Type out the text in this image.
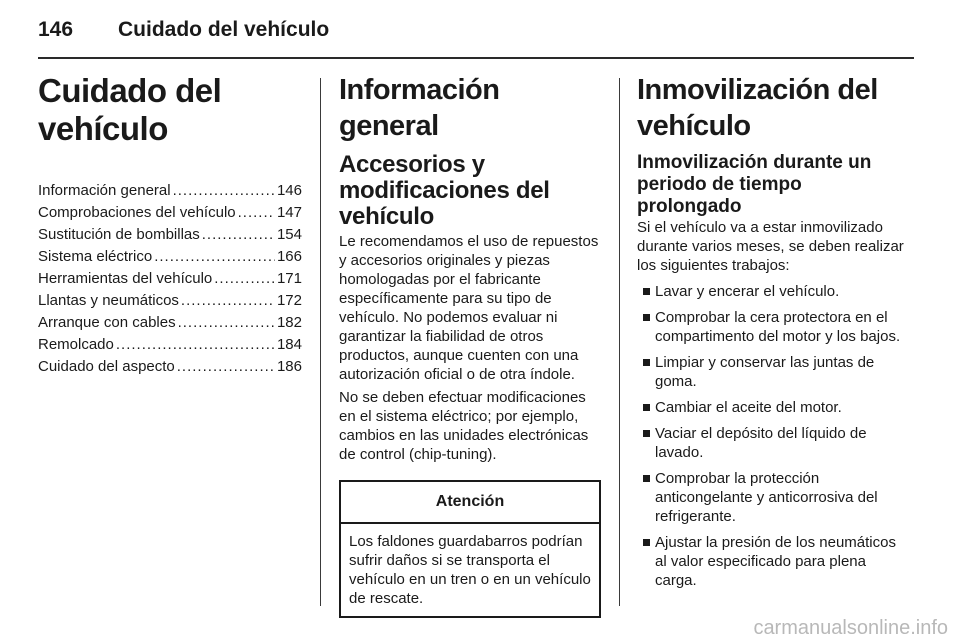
146	Cuidado del vehículo
Cuidado del vehículo
Información general .....	146
Comprobaciones del vehículo .....	147
Sustitución de bombillas .....	154
Sistema eléctrico .....	166
Herramientas del vehículo .....	171
Llantas y neumáticos .....	172
Arranque con cables .....	182
Remolcado .....	184
Cuidado del aspecto .....	186
Información general
Accesorios y modificaciones del vehículo

Le recomendamos el uso de repuestos y accesorios originales y piezas homologadas por el fabricante específicamente para su tipo de vehículo. No podemos evaluar ni garantizar la fiabilidad de otros productos, aunque cuenten con una autorización oficial o de otra índole.

No se deben efectuar modificaciones en el sistema eléctrico; por ejemplo, cambios en las unidades electrónicas de control (chip-tuning).

Atención
Los faldones guardabarros podrían sufrir daños si se transporta el vehículo en un tren o en un vehículo de rescate.
Inmovilización del vehículo
Inmovilización durante un periodo de tiempo prolongado

Si el vehículo va a estar inmovilizado durante varios meses, se deben realizar los siguientes trabajos:

Lavar y encerar el vehículo.
Comprobar la cera protectora en el compartimento del motor y los bajos.
Limpiar y conservar las juntas de goma.
Cambiar el aceite del motor.
Vaciar el depósito del líquido de lavado.
Comprobar la protección anticongelante y anticorrosiva del refrigerante.
Ajustar la presión de los neumáticos al valor especificado para plena carga.
carmanualsonline.info
